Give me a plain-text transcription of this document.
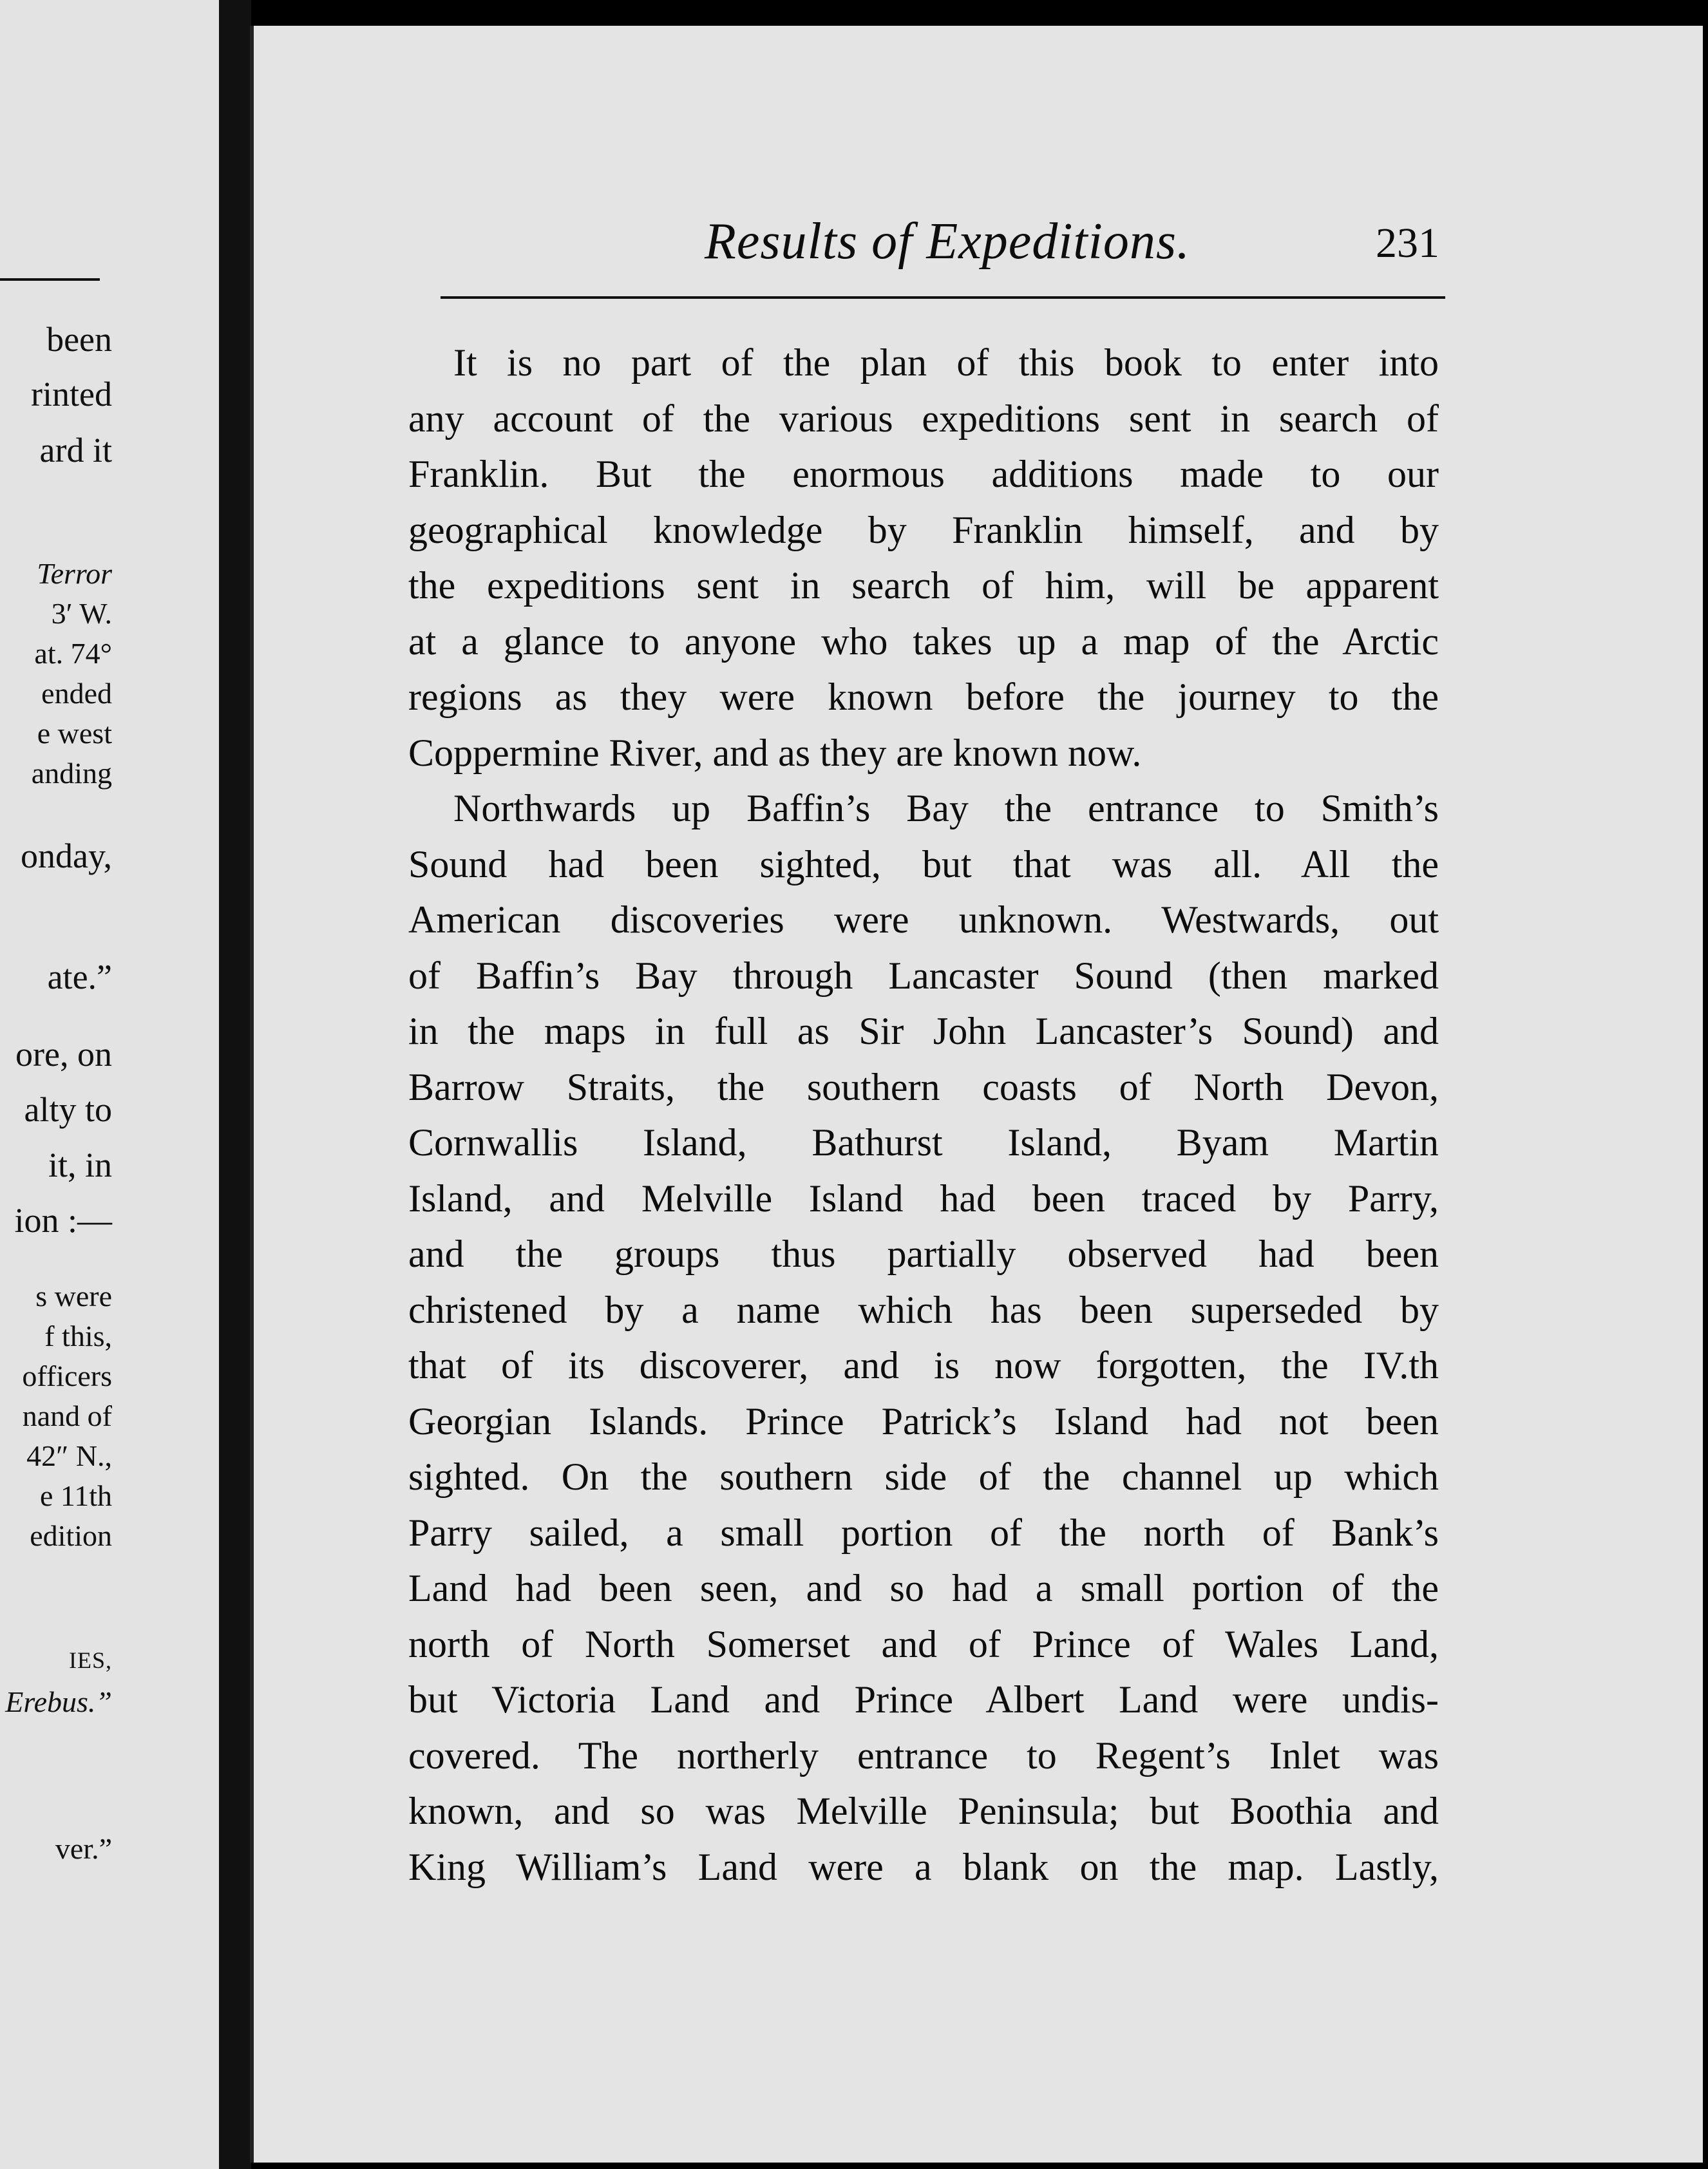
been
rinted
ard it
Terror
3′ W.
at. 74°
ended
e west
anding
onday,
ate.”
ore, on
alty to
it, in
ion :—
s were
f this,
officers
nand of
42″ N.,
e 11th
edition
IES,
Erebus.”
ver.”
Results of Expeditions.	231
It is no part of the plan of this book to enter into
any account of the various expeditions sent in search of
Franklin. But the enormous additions made to our
geographical knowledge by Franklin himself, and by
the expeditions sent in search of him, will be apparent
at a glance to anyone who takes up a map of the Arctic
regions as they were known before the journey to the
Coppermine River, and as they are known now.
Northwards up Baffin’s Bay the entrance to Smith’s
Sound had been sighted, but that was all. All the
American discoveries were unknown. Westwards, out
of Baffin’s Bay through Lancaster Sound (then marked
in the maps in full as Sir John Lancaster’s Sound) and
Barrow Straits, the southern coasts of North Devon,
Cornwallis Island, Bathurst Island, Byam Martin
Island, and Melville Island had been traced by Parry,
and the groups thus partially observed had been
christened by a name which has been superseded by
that of its discoverer, and is now forgotten, the IV.th
Georgian Islands. Prince Patrick’s Island had not been
sighted. On the southern side of the channel up which
Parry sailed, a small portion of the north of Bank’s
Land had been seen, and so had a small portion of the
north of North Somerset and of Prince of Wales Land,
but Victoria Land and Prince Albert Land were undis-
covered. The northerly entrance to Regent’s Inlet was
known, and so was Melville Peninsula; but Boothia and
King William’s Land were a blank on the map. Lastly,
